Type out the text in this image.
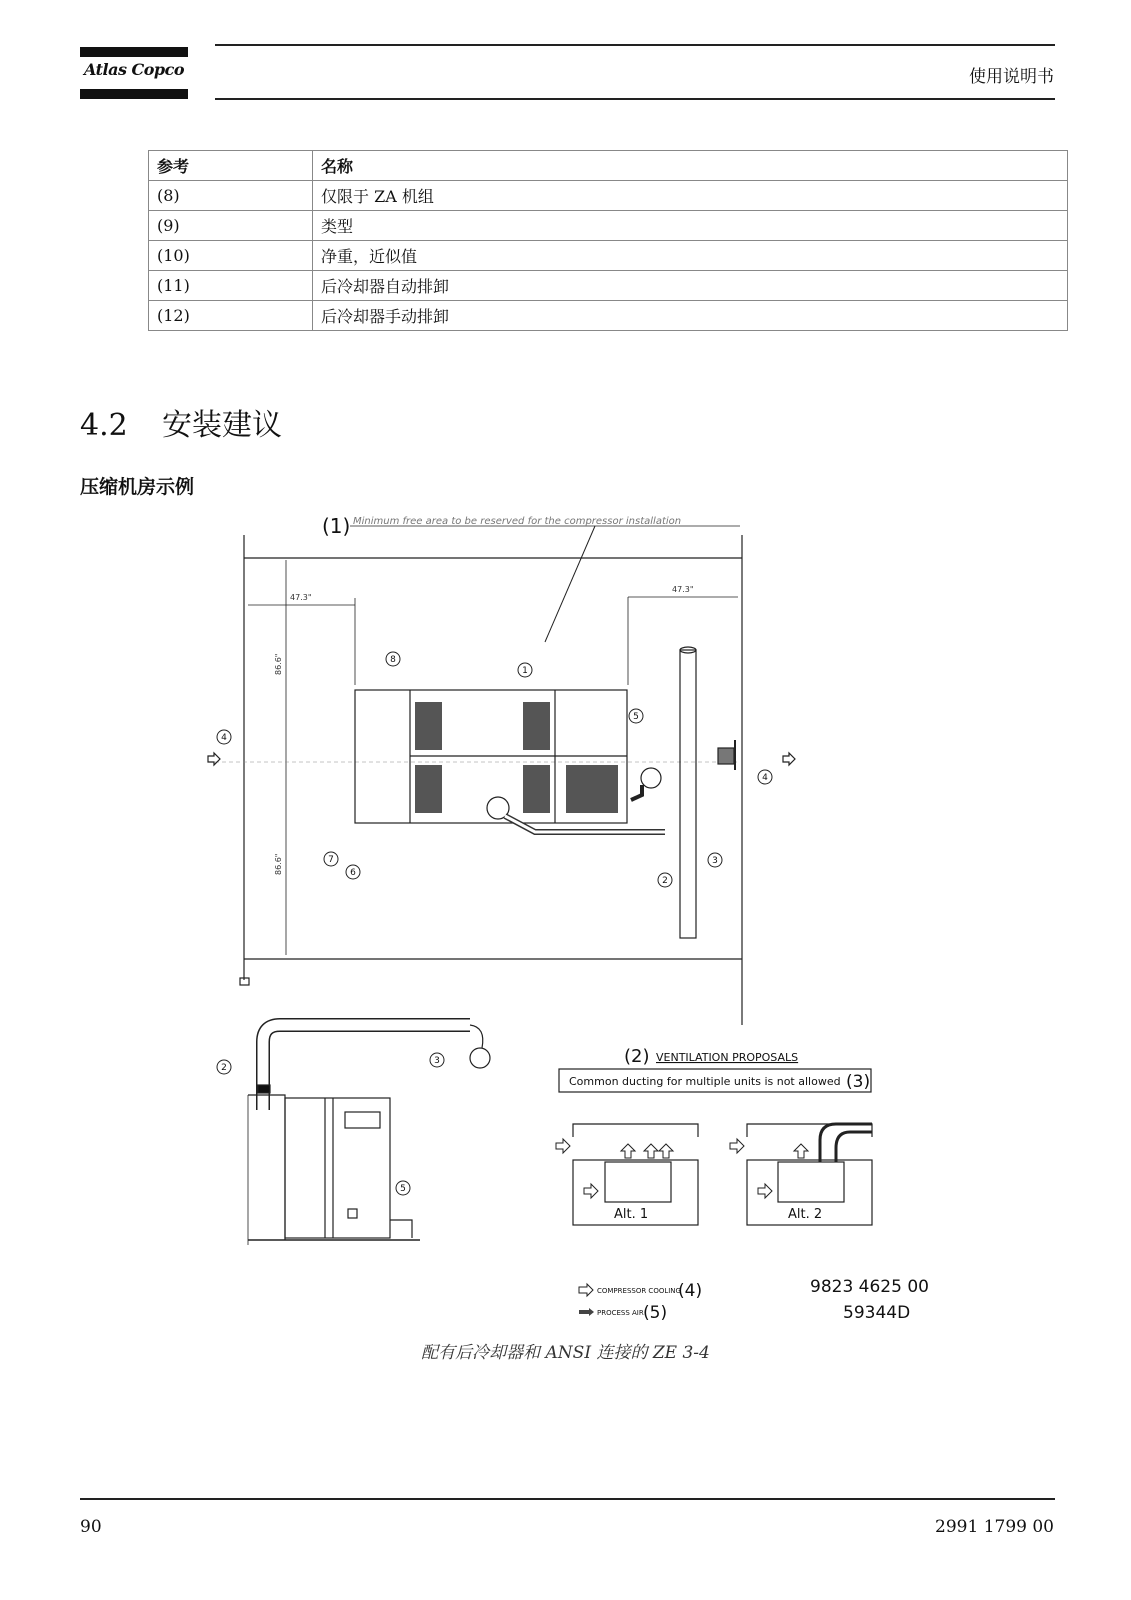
Atlas Copco	使用说明书
参考	名称
(8)	仅限于 ZA 机组
(9)	类型
(10)	净重，近似值
(11)	后冷却器自动排卸
(12)	后冷却器手动排卸
4.2 安装建议
压缩机房示例
(1) Minimum free area to be reserved for the compressor installation
47.3"
47.3"
86.6"
86.6"
8
1
5
4
7
6
2
3
4
2
3
5
(2) VENTILATION PROPOSALS
Common ducting for multiple units is not allowed (3)
Alt. 1	Alt. 2
COMPRESSOR COOLING
(4)
PROCESS AIR (5)
9823 4625 00
59344D
配有后冷却器和 ANSI 连接的 ZE 3-4
90	2991 1799 00
